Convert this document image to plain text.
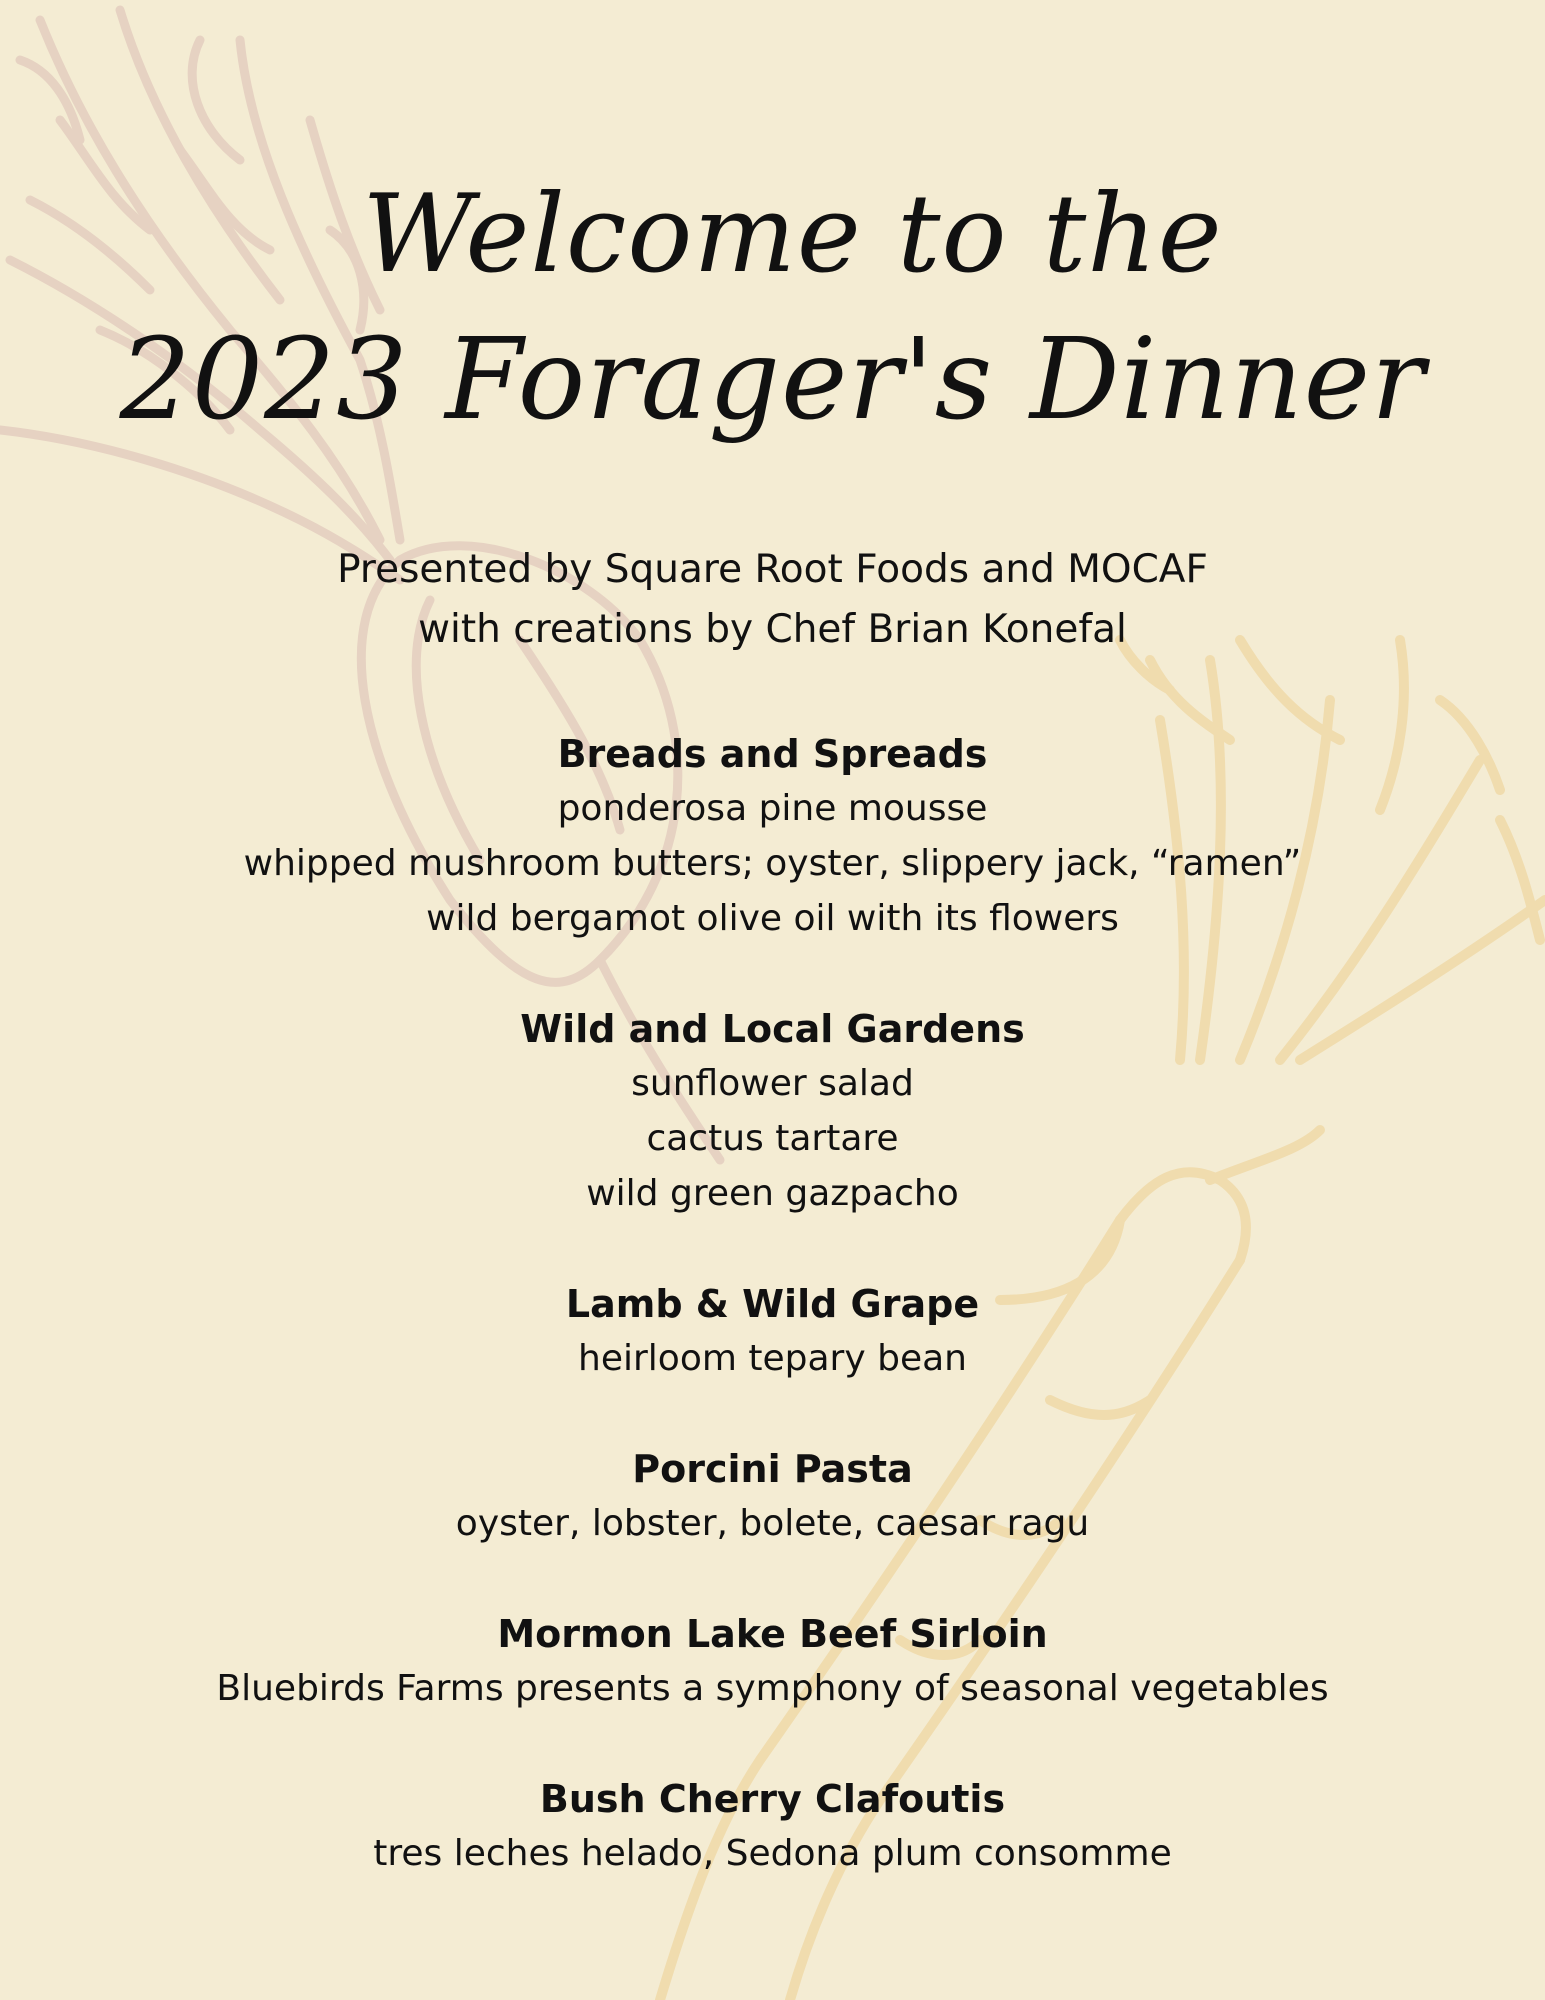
Welcome to the
2023 Forager's Dinner
Presented by Square Root Foods and MOCAF
with creations by Chef Brian Konefal
Breads and Spreads
ponderosa pine mousse
whipped mushroom butters; oyster, slippery jack, “ramen”
wild bergamot olive oil with its flowers
Wild and Local Gardens
sunflower salad
cactus tartare
wild green gazpacho
Lamb & Wild Grape
heirloom tepary bean
Porcini Pasta
oyster, lobster, bolete, caesar ragu
Mormon Lake Beef Sirloin
Bluebirds Farms presents a symphony of seasonal vegetables
Bush Cherry Clafoutis
tres leches helado, Sedona plum consomme
